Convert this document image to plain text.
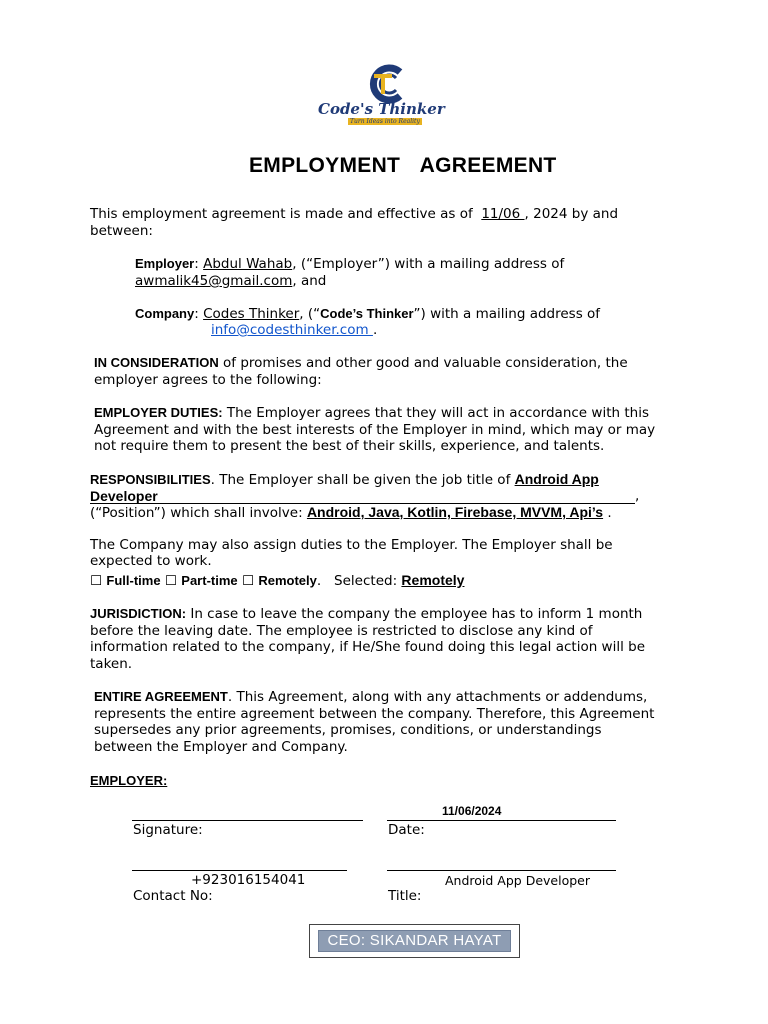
Code's Thinker
Turn Ideas into Reality
EMPLOYMENT  AGREEMENT
This employment agreement is made and effective as of  11/06 , 2024 by and
between:
Employer: Abdul Wahab, (“Employer”) with a mailing address of
awmalik45@gmail.com, and
Company: Codes Thinker, (“Code’s Thinker”) with a mailing address of
info@codesthinker.com .
IN CONSIDERATION of promises and other good and valuable consideration, the
employer agrees to the following:
EMPLOYER DUTIES: The Employer agrees that they will act in accordance with this
Agreement and with the best interests of the Employer in mind, which may or may
not require them to present the best of their skills, experience, and talents.
RESPONSIBILITIES. The Employer shall be given the job title of Android App
Developer	,
(“Position”) which shall involve: Android, Java, Kotlin, Firebase, MVVM, Api’s .
The Company may also assign duties to the Employer. The Employer shall be
expected to work.
☐ Full-time ☐ Part-time ☐ Remotely. Selected: Remotely
JURISDICTION: In case to leave the company the employee has to inform 1 month
before the leaving date. The employee is restricted to disclose any kind of
information related to the company, if He/She found doing this legal action will be
taken.
ENTIRE AGREEMENT. This Agreement, along with any attachments or addendums,
represents the entire agreement between the company. Therefore, this Agreement
supersedes any prior agreements, promises, conditions, or understandings
between the Employer and Company.
EMPLOYER:
Signature:
11/06/2024
Date:
+923016154041
Contact No:
Android App Developer
Title:
CEO: SIKANDAR HAYAT
